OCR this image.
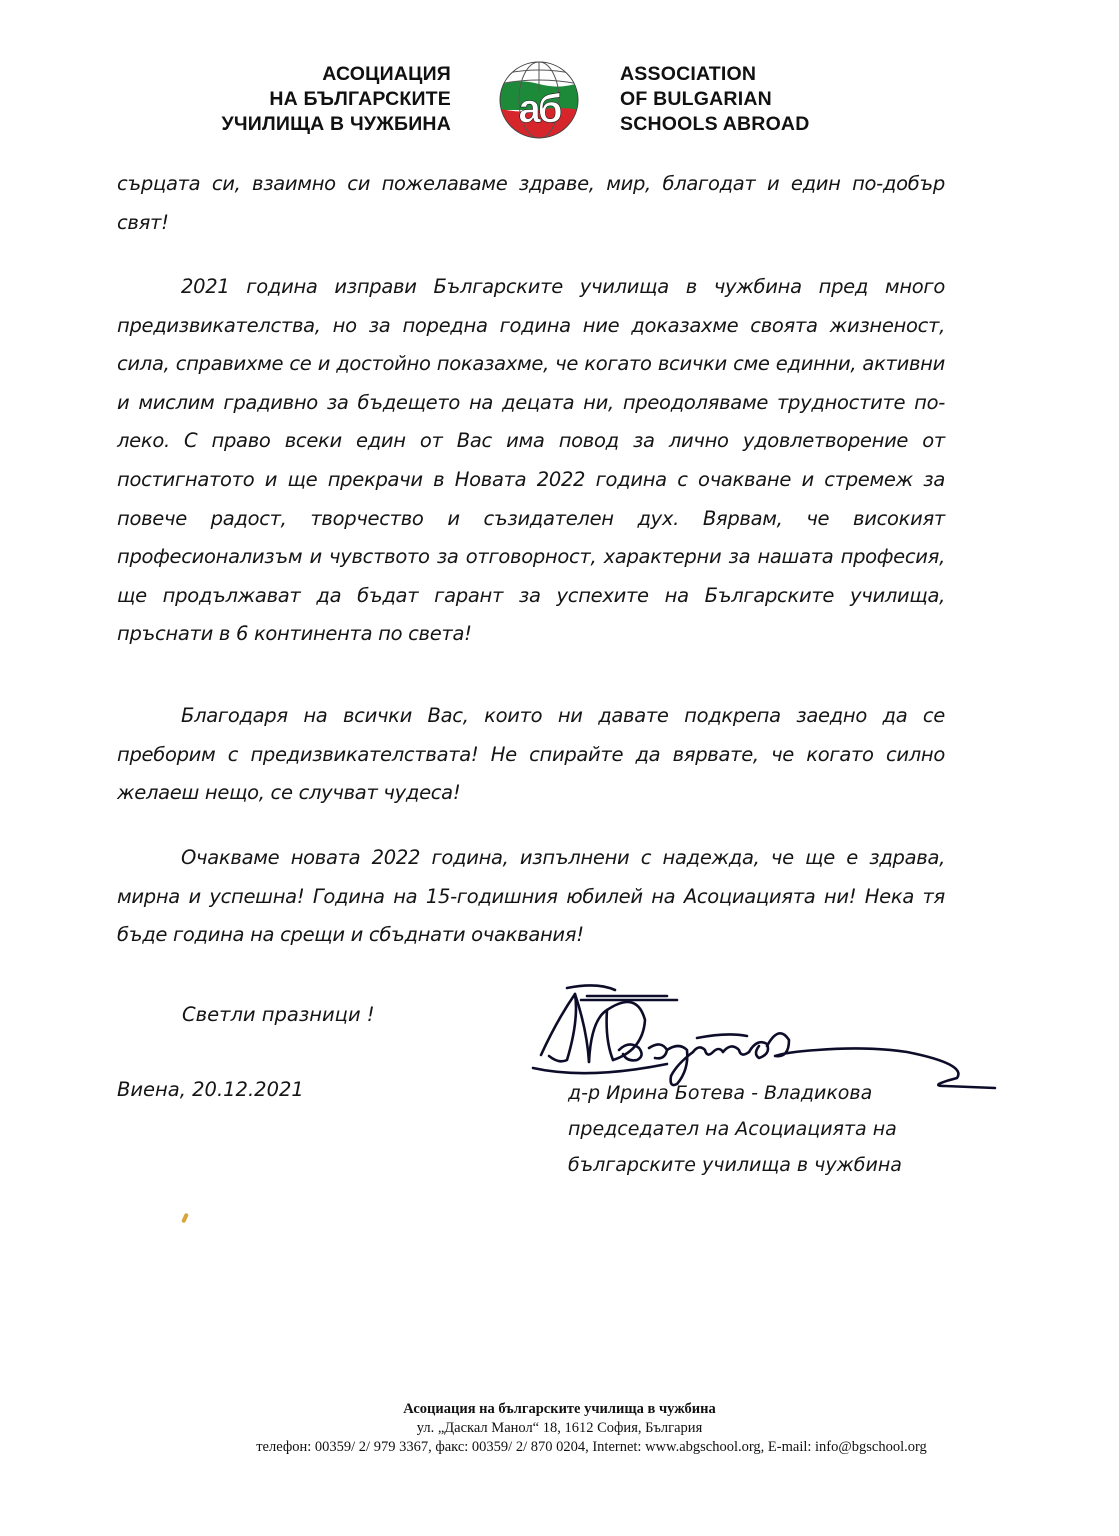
АСОЦИАЦИЯ
НА БЪЛГАРСКИТЕ
УЧИЛИЩА В ЧУЖБИНА аб
ASSOCIATION
OF BULGARIAN
SCHOOLS ABROAD

сърцата си, взаимно си пожелаваме здраве, мир, благодат и един по-добър свят!

2021 година изправи Българските училища в чужбина пред много предизвикателства, но за поредна година ние доказахме своята жизненост, сила, справихме се и достойно показахме, че когато всички сме единни, активни и мислим градивно за бъдещето на децата ни, преодоляваме трудностите по-леко. С право всеки един от Вас има повод за лично удовлетворение от постигнатото и ще прекрачи в Новата 2022 година с очакване и стремеж за повече радост, творчество и съзидателен дух. Вярвам, че високият професионализъм и чувството за отговорност, характерни за нашата професия, ще продължават да бъдат гарант за успехите на Българските училища, пръснати в 6 континента по света!

Благодаря на всички Вас, които ни давате подкрепа заедно да се преборим с предизвикателствата! Не спирайте да вярвате, че когато силно желаеш нещо, се случват чудеса!

Очакваме новата 2022 година, изпълнени с надежда, че ще е здрава, мирна и успешна! Година на 15-годишния юбилей на Асоциацията ни! Нека тя бъде година на срещи и сбъднати очаквания!

Светли празници !
Виена, 20.12.2021
Владиков
д-р Ирина Ботева - Владикова
председател на Асоциацията на
българските училища в чужбина
Асоциация на българските училища в чужбина
ул. „Даскал Манол“ 18, 1612 София, България
телефон: 00359/ 2/ 979 3367, факс: 00359/ 2/ 870 0204, Internet: www.abgschool.org, E-mail: info@bgschool.org
